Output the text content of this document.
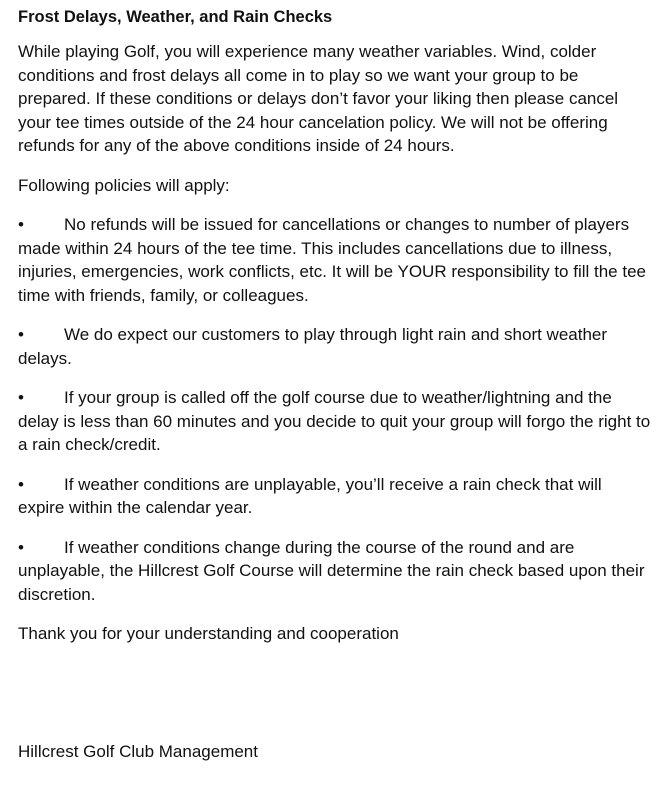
Frost Delays, Weather, and Rain Checks

While playing Golf, you will experience many weather variables. Wind, colder conditions and frost delays all come in to play so we want your group to be prepared. If these conditions or delays don’t favor your liking then please cancel your tee times outside of the 24 hour cancelation policy. We will not be offering refunds for any of the above conditions inside of 24 hours.

Following policies will apply:

• No refunds will be issued for cancellations or changes to number of players made within 24 hours of the tee time. This includes cancellations due to illness, injuries, emergencies, work conflicts, etc. It will be YOUR responsibility to fill the tee time with friends, family, or colleagues.

• We do expect our customers to play through light rain and short weather delays.

• If your group is called off the golf course due to weather/lightning and the delay is less than 60 minutes and you decide to quit your group will forgo the right to a rain check/credit.

• If weather conditions are unplayable, you’ll receive a rain check that will expire within the calendar year.

• If weather conditions change during the course of the round and are unplayable, the Hillcrest Golf Course will determine the rain check based upon their discretion.

Thank you for your understanding and cooperation

Hillcrest Golf Club Management
